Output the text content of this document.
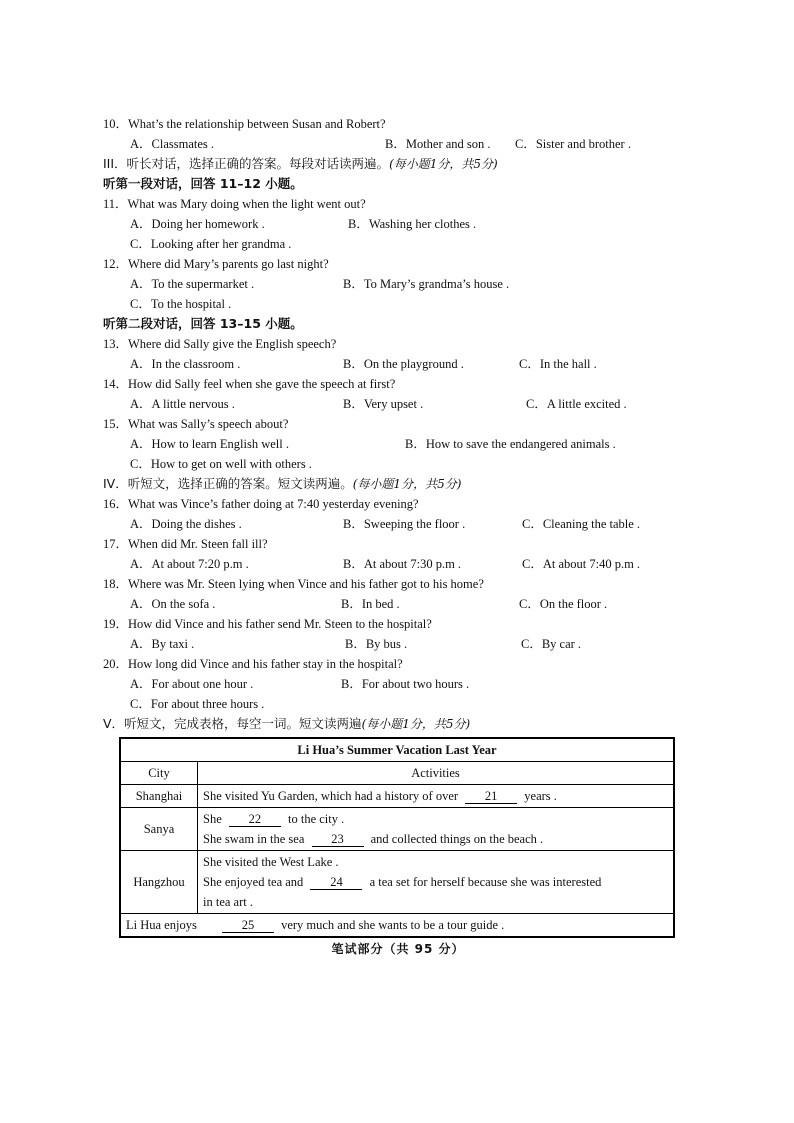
10．What’s the relationship between Susan and Robert?
A．Classmates .	B．Mother and son . C．Sister and brother .
III．听长对话，选择正确的答案。每段对话读两遍。(每小题1分，共5分)
听第一段对话，回答 11–12 小题。
11．What was Mary doing when the light went out?
A．Doing her homework .	B．Washing her clothes .
C．Looking after her grandma .
12．Where did Mary’s parents go last night?
A．To the supermarket .	B．To Mary’s grandma’s house .
C．To the hospital .
听第二段对话，回答 13–15 小题。
13．Where did Sally give the English speech?
A．In the classroom .	B．On the playground .	C．In the hall .
14．How did Sally feel when she gave the speech at first?
A．A little nervous .	B．Very upset .	C．A little excited .
15．What was Sally’s speech about?
A．How to learn English well .	B．How to save the endangered animals .
C．How to get on well with others .
IV．听短文，选择正确的答案。短文读两遍。(每小题1分，共5分)
16．What was Vince’s father doing at 7:40 yesterday evening?
A．Doing the dishes .	B．Sweeping the floor .	C．Cleaning the table .
17．When did Mr. Steen fall ill?
A．At about 7:20 p.m .	B．At about 7:30 p.m .	C．At about 7:40 p.m .
18．Where was Mr. Steen lying when Vince and his father got to his home?
A．On the sofa .	B．In bed .	C．On the floor .
19．How did Vince and his father send Mr. Steen to the hospital?
A．By taxi .	B．By bus .	C．By car .
20．How long did Vince and his father stay in the hospital?
A．For about one hour .	B．For about two hours .
C．For about three hours .
V．听短文，完成表格，每空一词。短文读两遍(每小题1分，共5分)
Li Hua’s Summer Vacation Last Year	
City	Activities
Shanghai	She visited Yu Garden, which had a history of over 21 years .
Sanya	She 22 to the city .
She swam in the sea 23 and collected things on the beach .

Hangzhou	She visited the West Lake .
She enjoyed tea and 24 a tea set for herself because she was interested
in tea art .

Li Hua enjoys 25 very much and she wants to be a tour guide .	
笔试部分（共 95 分）
